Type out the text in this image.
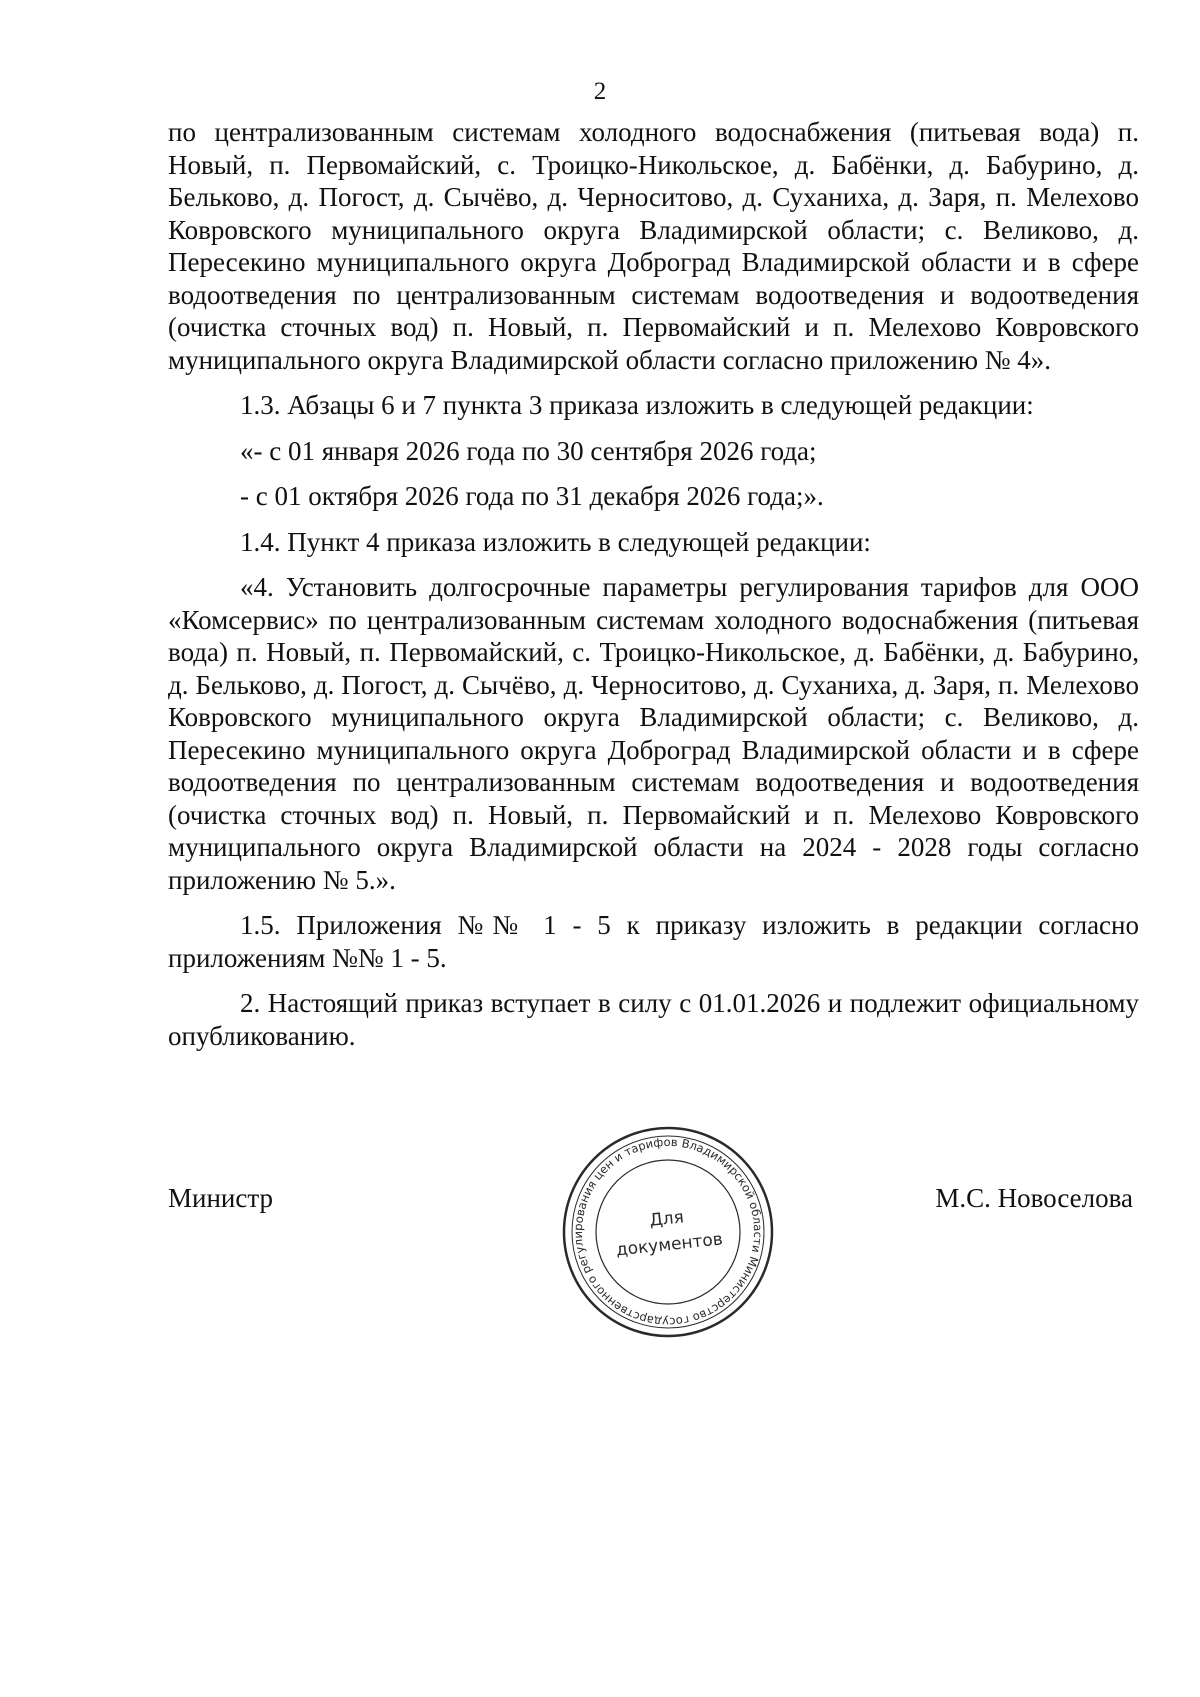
2

по централизованным системам холодного водоснабжения (питьевая вода) п. Новый, п. Первомайский, с. Троицко-Никольское, д. Бабёнки, д. Бабурино, д. Бельково, д. Погост, д. Сычёво, д. Черноситово, д. Суханиха, д. Заря, п. Мелехово Ковровского муниципального округа Владимирской области; с. Великово, д. Пересекино муниципального округа Доброград Владимирской области и в сфере водоотведения по централизованным системам водоотведения и водоотведения (очистка сточных вод) п. Новый, п. Первомайский и п. Мелехово Ковровского муниципального округа Владимирской области согласно приложению № 4».

1.3. Абзацы 6 и 7 пункта 3 приказа изложить в следующей редакции:

«- с 01 января 2026 года по 30 сентября 2026 года;

- с 01 октября 2026 года по 31 декабря 2026 года;».

1.4. Пункт 4 приказа изложить в следующей редакции:

«4. Установить долгосрочные параметры регулирования тарифов для ООО «Комсервис» по централизованным системам холодного водоснабжения (питьевая вода) п. Новый, п. Первомайский, с. Троицко-Никольское, д. Бабёнки, д. Бабурино, д. Бельково, д. Погост, д. Сычёво, д. Черноситово, д. Суханиха, д. Заря, п. Мелехово Ковровского муниципального округа Владимирской области; с. Великово, д. Пересекино муниципального округа Доброград Владимирской области и в сфере водоотведения по централизованным системам водоотведения и водоотведения (очистка сточных вод) п. Новый, п. Первомайский и п. Мелехово Ковровского муниципального округа Владимирской области на 2024 - 2028 годы согласно приложению № 5.».

1.5. Приложения №№ 1 - 5 к приказу изложить в редакции согласно приложениям №№ 1 - 5.

2. Настоящий приказ вступает в силу с 01.01.2026 и подлежит официальному опубликованию.

Министр	М.С. Новоселова
Министерство государственного регулирования цен и тарифов Владимирской области
Для
документов
